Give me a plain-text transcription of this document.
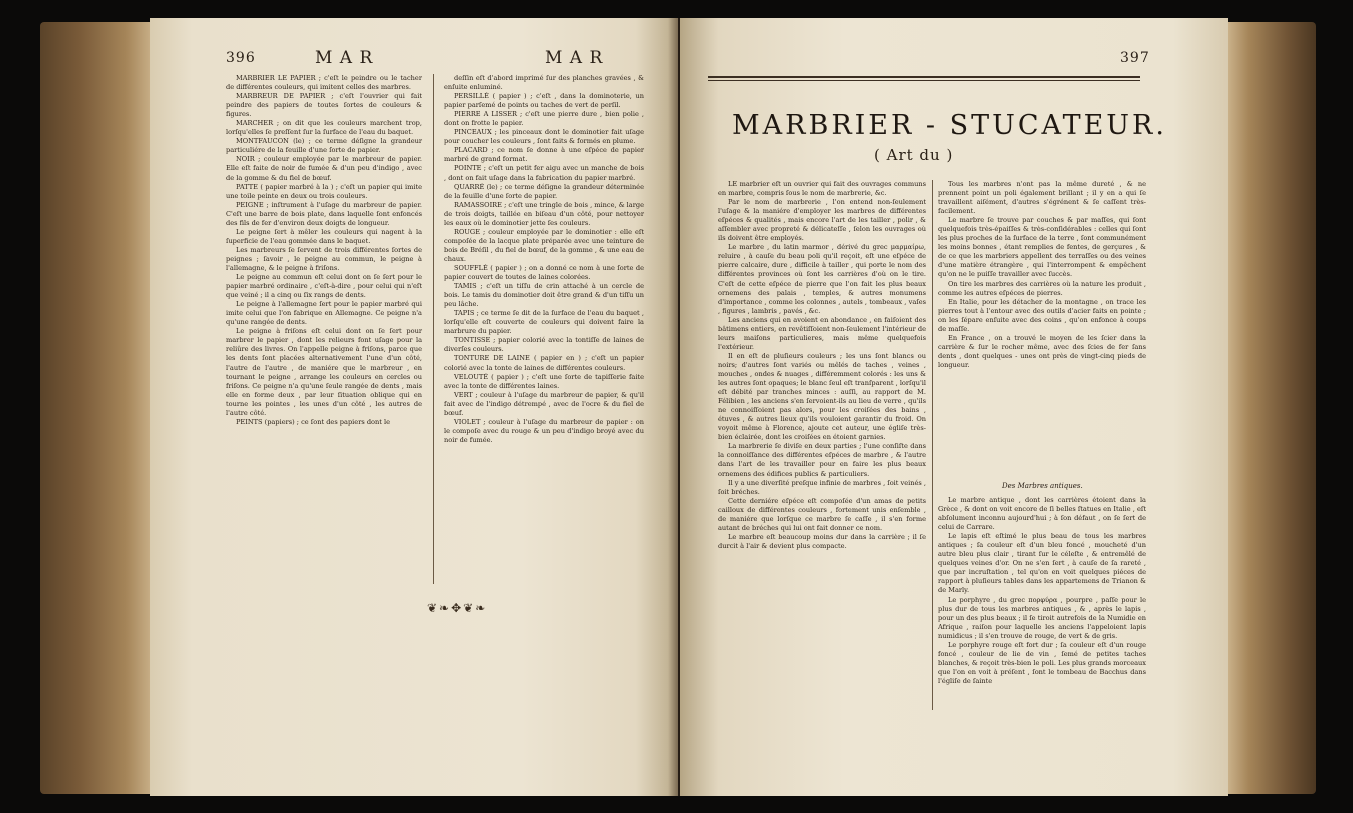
396	M A R	M A R

MARBRIER LE PAPIER ; c'eſt le peindre ou le tacher de différentes couleurs, qui imitent celles des marbres.

MARBREUR DE PAPIER ; c'eſt l'ouvrier qui fait peindre des papiers de toutes ſortes de couleurs & figures.

MARCHER ; on dit que les couleurs marchent trop, lorſqu'elles ſe preſſent ſur la ſurface de l'eau du baquet.

MONTFAUCON (le) ; ce terme déſigne la grandeur particuliére de la feuille d'une ſorte de papier.

NOIR ; couleur employée par le marbreur de papier. Elle eſt faite de noir de fumée & d'un peu d'indigo , avec de la gomme & du fiel de bœuf.

PATTE ( papier marbré à la ) ; c'eſt un papier qui imite une toile peinte en deux ou trois couleurs.

PEIGNE ; inſtrument à l'uſage du marbreur de papier. C'eſt une barre de bois plate, dans laquelle ſont enfoncés des fils de fer d'environ deux doigts de longueur.

Le peigne ſert à mêler les couleurs qui nagent à la ſuperficie de l'eau gommée dans le baquet.

Les marbreurs ſe ſervent de trois différentes ſortes de peignes ; ſavoir , le peigne au commun, le peigne à l'allemagne, & le peigne à friſons.

Le peigne au commun eſt celui dont on ſe ſert pour le papier marbré ordinaire , c'eſt-à-dire , pour celui qui n'eſt que veiné ; il a cinq ou ſix rangs de dents.

Le peigne à l'allemagne ſert pour le papier marbré qui imite celui que l'on fabrique en Allemagne. Ce peigne n'a qu'une rangée de dents.

Le peigne à friſons eſt celui dont on ſe ſert pour marbrer le papier , dont les relieurs font uſage pour la reliûre des livres. On l'appelle peigne à friſons, parce que les dents ſont placées alternativement l'une d'un côté, l'autre de l'autre , de maniére que le marbreur , en tournant le peigne , arrange les couleurs en cercles ou friſons. Ce peigne n'a qu'une ſeule rangée de dents , mais elle en forme deux , par leur ſituation oblique qui en tourne les pointes , les unes d'un côté , les autres de l'autre côté.

PEINTS (papiers) ; ce ſont des papiers dont le

deſſin eſt d'abord imprimé ſur des planches gravées , & enſuite enluminé.

PERSILLÉ ( papier ) ; c'eſt , dans la dominoterie, un papier parſemé de points ou taches de vert de perſil.

PIERRE A LISSER ; c'eſt une pierre dure , bien polie , dont on frotte le papier.

PINCEAUX ; les pinceaux dont le dominotier fait uſage pour coucher les couleurs , ſont faits & formés en plume.

PLACARD ; ce nom ſe donne à une eſpéce de papier marbré de grand format.

POINTE ; c'eſt un petit fer aigu avec un manche de bois , dont on fait uſage dans la fabrication du papier marbré.

QUARRÉ (le) ; ce terme déſigne la grandeur déterminée de la feuille d'une ſorte de papier.

RAMASSOIRE ; c'eſt une tringle de bois , mince, & large de trois doigts, taillée en biſeau d'un côté, pour nettoyer les eaux où le dominotier jette ſes couleurs.

ROUGE ; couleur employée par le dominotier : elle eſt compoſée de la lacque plate préparée avec une teinture de bois de Bréſil , du fiel de bœuf, de la gomme , & une eau de chaux.

SOUFFLÉ ( papier ) ; on a donné ce nom à une ſorte de papier couvert de toutes de laines colorées.

TAMIS ; c'eſt un tiſſu de crin attaché à un cercle de bois. Le tamis du dominotier doit être grand & d'un tiſſu un peu lâche.

TAPIS ; ce terme ſe dit de la ſurface de l'eau du baquet , lorſqu'elle eſt couverte de couleurs qui doivent faire la marbrure du papier.

TONTISSE ; papier colorié avec la tontiſſe de laines de diverſes couleurs.

TONTURE DE LAINE ( papier en ) ; c'eſt un papier colorié avec la tonte de laines de différentes couleurs.

VELOUTÉ ( papier ) ; c'eſt une ſorte de tapiſſerie faite avec la tonte de différentes laines.

VERT ; couleur à l'uſage du marbreur de papier, & qu'il fait avec de l'indigo détrempé , avec de l'ocre & du fiel de bœuf.

VIOLET ; couleur à l'uſage du marbreur de papier : on le compoſe avec du rouge & un peu d'indigo broyé avec du noir de fumée.

❦❧✥❦❧
397
MARBRIER - STUCATEUR.
( Art du )

LE marbrier eſt un ouvrier qui fait des ouvrages communs en marbre, compris ſous le nom de marbrerie, &c.

Par le nom de marbrerie , l'on entend non-ſeulement l'uſage & la maniére d'employer les marbres de différentes eſpéces & qualités , mais encore l'art de les tailler , polir , & aſſembler avec propreté & délicateſſe , ſelon les ouvrages où ils doivent être employés.

Le marbre , du latin marmor , dérivé du grec μαρμαίρω, reluire , à cauſe du beau poli qu'il reçoit, eſt une eſpéce de pierre calcaire, dure , difficile à tailler , qui porte le nom des différentes provinces où ſont les carrières d'où on le tire. C'eſt de cette eſpéce de pierre que l'on fait les plus beaux ornemens des palais , temples, & autres monumens d'importance , comme les colonnes , autels , tombeaux , vaſes , figures , lambris , pavés , &c.

Les anciens qui en avoient en abondance , en faiſoient des bâtimens entiers, en revêtiſſoient non-ſeulement l'intérieur de leurs maiſons particulieres, mais même quelquefois l'extérieur.

Il en eſt de pluſieurs couleurs ; les uns ſont blancs ou noirs; d'autres ſont variés ou mêlés de taches , veines , mouches , ondes & nuages , différemment colorés : les uns & les autres ſont opaques; le blanc ſeul eſt tranſparent , lorſqu'il eſt débité par tranches minces : auſſi, au rapport de M. Félibien , les anciens s'en ſervoient-ils au lieu de verre , qu'ils ne connoiſſoient pas alors, pour les croiſées des bains , étuves , & autres lieux qu'ils vouloient garantir du froid. On voyoit même à Florence, ajoute cet auteur, une égliſe très-bien éclairée, dont les croiſées en étoient garnies.

La marbrerie ſe diviſe en deux parties ; l'une conſiſte dans la connoiſſance des différentes eſpéces de marbre , & l'autre dans l'art de les travailler pour en faire les plus beaux ornemens des édifices publics & particuliers.

Il y a une diverſité preſque infinie de marbres , ſoit veinés , ſoit bréches.

Cette derniére eſpéce eſt compoſée d'un amas de petits cailloux de différentes couleurs , fortement unis enſemble , de maniére que lorſque ce marbre ſe caſſe , il s'en forme autant de bréches qui lui ont fait donner ce nom.

Le marbre eſt beaucoup moins dur dans la carrière ; il ſe durcit à l'air & devient plus compacte.

Tous les marbres n'ont pas la même dureté , & ne prennent point un poli également brillant ; il y en a qui ſe travaillent aiſément, d'autres s'égrénent & ſe caſſent très-facilement.

Le marbre ſe trouve par couches & par maſſes, qui ſont quelquefois très-épaiſſes & très-conſidérables : celles qui ſont les plus proches de la ſurface de la terre , ſont communément les moins bonnes , étant remplies de fentes, de gerçures , & de ce que les marbriers appellent des terraſſes ou des veines d'une matière étrangère , qui l'interrompent & empêchent qu'on ne le puiſſe travailler avec ſuccès.

On tire les marbres des carrières où la nature les produit , comme les autres eſpéces de pierres.

En Italie, pour les détacher de la montagne , on trace les pierres tout à l'entour avec des outils d'acier faits en pointe ; on les ſépare enſuite avec des coins , qu'on enfonce à coups de maſſe.

En France , on a trouvé le moyen de les ſcier dans la carrière & ſur le rocher même, avec des ſcies de fer ſans dents , dont quelques - unes ont près de vingt-cinq pieds de longueur.

Des Marbres antiques.

Le marbre antique , dont les carrières étoient dans la Grèce , & dont on voit encore de ſi belles ſtatues en Italie , eſt abſolument inconnu aujourd'hui ; à ſon défaut , on ſe ſert de celui de Carrare.

Le lapis eſt eſtimé le plus beau de tous les marbres antiques ; ſa couleur eſt d'un bleu foncé , moucheté d'un autre bleu plus clair , tirant ſur le céleſte , & entremêlé de quelques veines d'or. On ne s'en ſert , à cauſe de ſa rareté , que par incruſtation , tel qu'on en voit quelques piéces de rapport à pluſieurs tables dans les appartemens de Trianon & de Marly.

Le porphyre , du grec πορφύρα , pourpre , paſſe pour le plus dur de tous les marbres antiques , & , après le lapis , pour un des plus beaux ; il ſe tiroit autrefois de la Numidie en Afrique , raiſon pour laquelle les anciens l'appeloient lapis numidicus ; il s'en trouve de rouge, de vert & de gris.

Le porphyre rouge eſt fort dur ; ſa couleur eſt d'un rouge foncé , couleur de lie de vin , ſemé de petites taches blanches, & reçoit très-bien le poli. Les plus grands morceaux que l'on en voit à préſent , ſont le tombeau de Bacchus dans l'égliſe de ſainte
